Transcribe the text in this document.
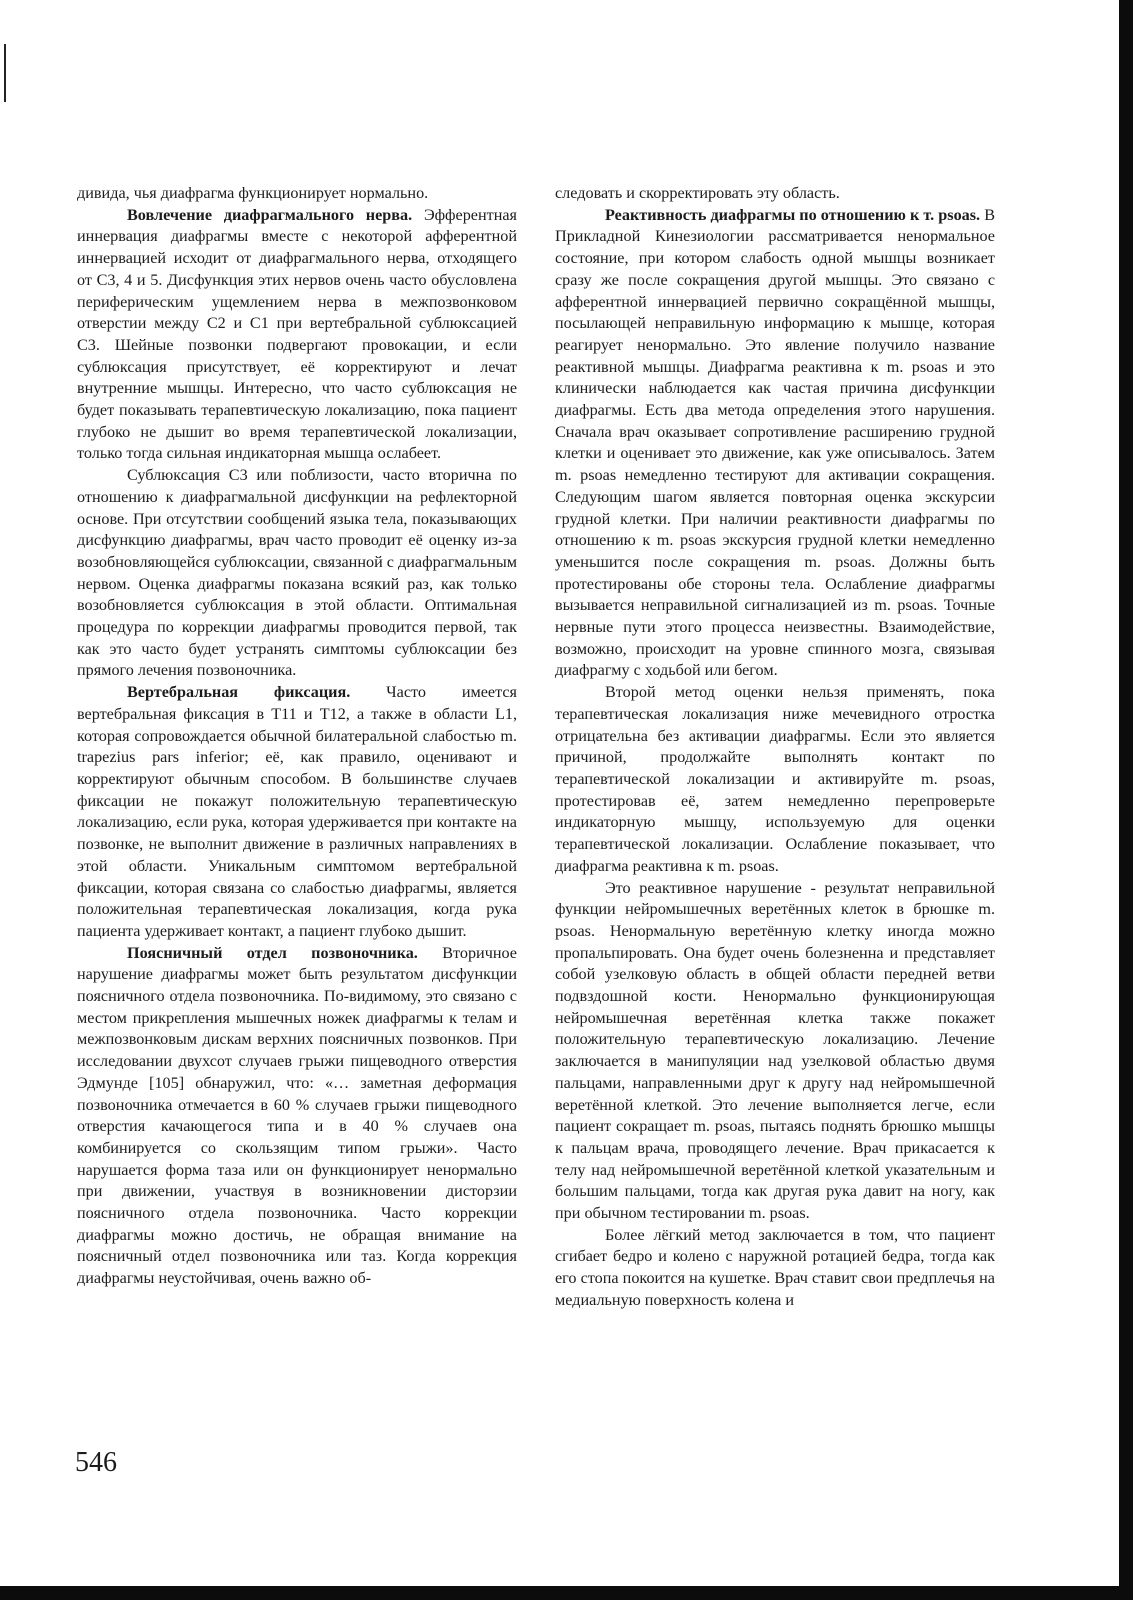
дивида, чья диафрагма функционирует нормально.

Вовлечение диафрагмального нерва. Эфферентная иннервация диафрагмы вместе с некоторой афферентной иннервацией исходит от диафрагмального нерва, отходящего от С3, 4 и 5. Дисфункция этих нервов очень часто обусловлена периферическим ущемлением нерва в межпозвонковом отверстии между С2 и С1 при вертебральной сублюксацией С3. Шейные позвонки подвергают провокации, и если сублюксация присутствует, её корректируют и лечат внутренние мышцы. Интересно, что часто сублюксация не будет показывать терапевтическую локализацию, пока пациент глубоко не дышит во время терапевтической локализации, только тогда сильная индикаторная мышца ослабеет.

Сублюксация С3 или поблизости, часто вторична по отношению к диафрагмальной дисфункции на рефлекторной основе. При отсутствии сообщений языка тела, показывающих дисфункцию диафрагмы, врач часто проводит её оценку из-за возобновляющейся сублюксации, связанной с диафрагмальным нервом. Оценка диафрагмы показана всякий раз, как только возобновляется сублюксация в этой области. Оптимальная процедура по коррекции диафрагмы проводится первой, так как это часто будет устранять симптомы сублюксации без прямого лечения позвоночника.

Вертебральная фиксация. Часто имеется вертебральная фиксация в Т11 и Т12, а также в области L1, которая сопровождается обычной билатеральной слабостью m. trapezius pars inferior; её, как правило, оценивают и корректируют обычным способом. В большинстве случаев фиксации не покажут положительную терапевтическую локализацию, если рука, которая удерживается при контакте на позвонке, не выполнит движение в различных направлениях в этой области. Уникальным симптомом вертебральной фиксации, которая связана со слабостью диафрагмы, является положительная терапевтическая локализация, когда рука пациента удерживает контакт, а пациент глубоко дышит.

Поясничный отдел позвоночника. Вторичное нарушение диафрагмы может быть результатом дисфункции поясничного отдела позвоночника. По-видимому, это связано с местом прикрепления мышечных ножек диафрагмы к телам и межпозвонковым дискам верхних поясничных позвонков. При исследовании двухсот случаев грыжи пищеводного отверстия Эдмунде [105] обнаружил, что: «… заметная деформация позвоночника отмечается в 60 % случаев грыжи пищеводного отверстия качающегося типа и в 40 % случаев она комбинируется со скользящим типом грыжи». Часто нарушается форма таза или он функционирует ненормально при движении, участвуя в возникновении дисторзии поясничного отдела позвоночника. Часто коррекции диафрагмы можно достичь, не обращая внимание на поясничный отдел позвоночника или таз. Когда коррекция диафрагмы неустойчивая, очень важно об-

следовать и скорректировать эту область.

Реактивность диафрагмы по отношению к т. psoas. В Прикладной Кинезиологии рассматривается ненормальное состояние, при котором слабость одной мышцы возникает сразу же после сокращения другой мышцы. Это связано с афферентной иннервацией первично сокращённой мышцы, посылающей неправильную информацию к мышце, которая реагирует ненормально. Это явление получило название реактивной мышцы. Диафрагма реактивна к m. psoas и это клинически наблюдается как частая причина дисфункции диафрагмы. Есть два метода определения этого нарушения. Сначала врач оказывает сопротивление расширению грудной клетки и оценивает это движение, как уже описывалось. Затем m. psoas немедленно тестируют для активации сокращения. Следующим шагом является повторная оценка экскурсии грудной клетки. При наличии реактивности диафрагмы по отношению к m. psoas экскурсия грудной клетки немедленно уменьшится после сокращения m. psoas. Должны быть протестированы обе стороны тела. Ослабление диафрагмы вызывается неправильной сигнализацией из m. psoas. Точные нервные пути этого процесса неизвестны. Взаимодействие, возможно, происходит на уровне спинного мозга, связывая диафрагму с ходьбой или бегом.

Второй метод оценки нельзя применять, пока терапевтическая локализация ниже мечевидного отростка отрицательна без активации диафрагмы. Если это является причиной, продолжайте выполнять контакт по терапевтической локализации и активируйте m. psoas, протестировав её, затем немедленно перепроверьте индикаторную мышцу, используемую для оценки терапевтической локализации. Ослабление показывает, что диафрагма реактивна к m. psoas.

Это реактивное нарушение - результат неправильной функции нейромышечных веретённых клеток в брюшке m. psoas. Ненормальную веретённую клетку иногда можно пропальпировать. Она будет очень болезненна и представляет собой узелковую область в общей области передней ветви подвздошной кости. Ненормально функционирующая нейромышечная веретённая клетка также покажет положительную терапевтическую локализацию. Лечение заключается в манипуляции над узелковой областью двумя пальцами, направленными друг к другу над нейромышечной веретённой клеткой. Это лечение выполняется легче, если пациент сокращает m. psoas, пытаясь поднять брюшко мышцы к пальцам врача, проводящего лечение. Врач прикасается к телу над нейромышечной веретённой клеткой указательным и большим пальцами, тогда как другая рука давит на ногу, как при обычном тестировании m. psoas.

Более лёгкий метод заключается в том, что пациент сгибает бедро и колено с наружной ротацией бедра, тогда как его стопа покоится на кушетке. Врач ставит свои предплечья на медиальную поверхность колена и

546
